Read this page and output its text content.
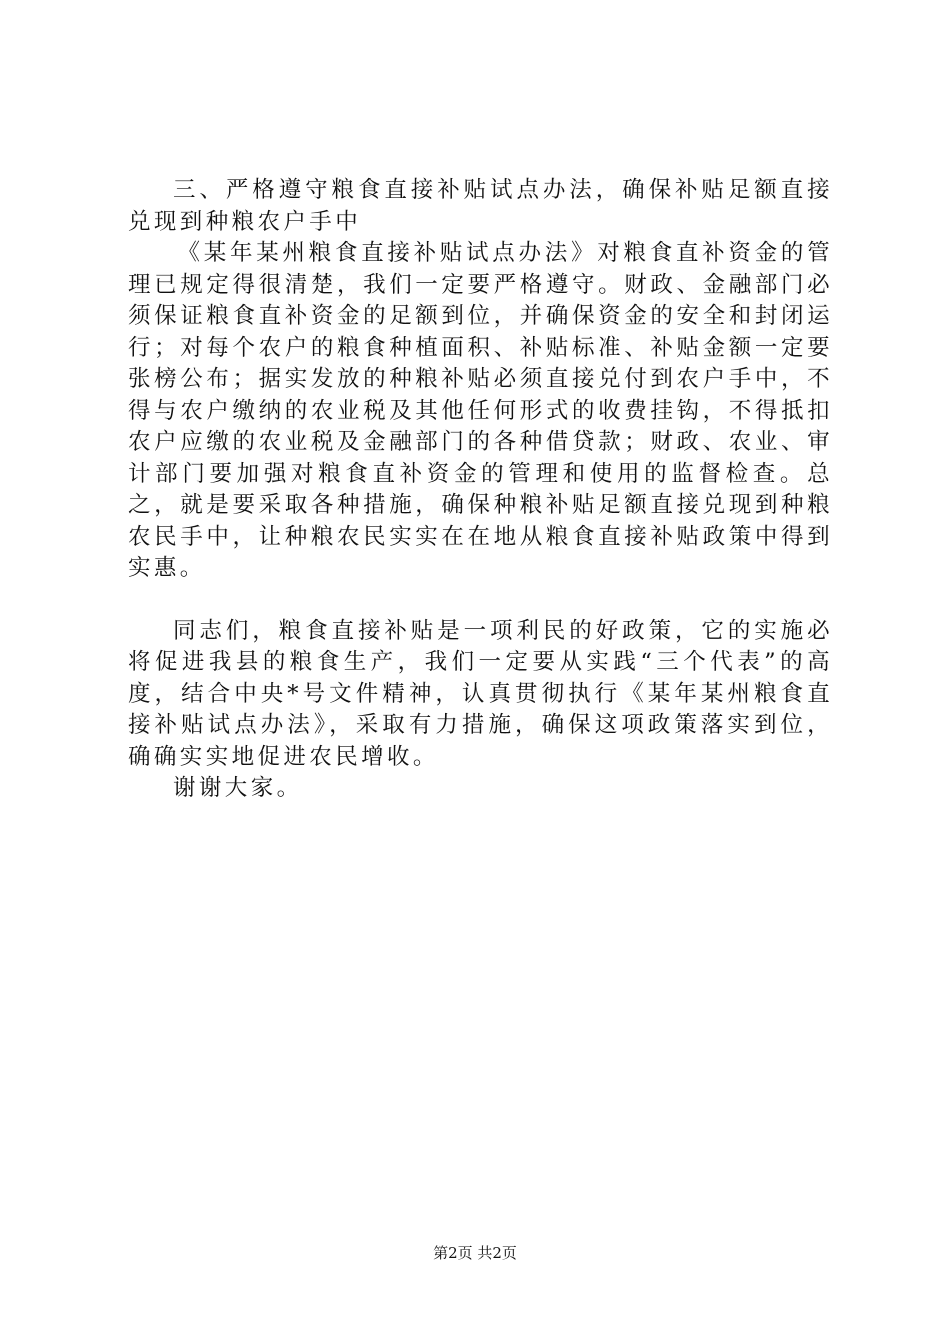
三、严格遵守粮食直接补贴试点办法，确保补贴足额直接兑现到种粮农户手中

《某年某州粮食直接补贴试点办法》对粮食直补资金的管理已规定得很清楚，我们一定要严格遵守。财政、金融部门必须保证粮食直补资金的足额到位，并确保资金的安全和封闭运行；对每个农户的粮食种植面积、补贴标准、补贴金额一定要张榜公布；据实发放的种粮补贴必须直接兑付到农户手中，不得与农户缴纳的农业税及其他任何形式的收费挂钩，不得抵扣农户应缴的农业税及金融部门的各种借贷款；财政、农业、审计部门要加强对粮食直补资金的管理和使用的监督检查。总之，就是要采取各种措施，确保种粮补贴足额直接兑现到种粮农民手中，让种粮农民实实在在地从粮食直接补贴政策中得到实惠。

同志们，粮食直接补贴是一项利民的好政策，它的实施必将促进我县的粮食生产，我们一定要从实践“三个代表”的高度，结合中央*号文件精神，认真贯彻执行《某年某州粮食直接补贴试点办法》，采取有力措施，确保这项政策落实到位，确确实实地促进农民增收。

谢谢大家。

第2页 共2页
